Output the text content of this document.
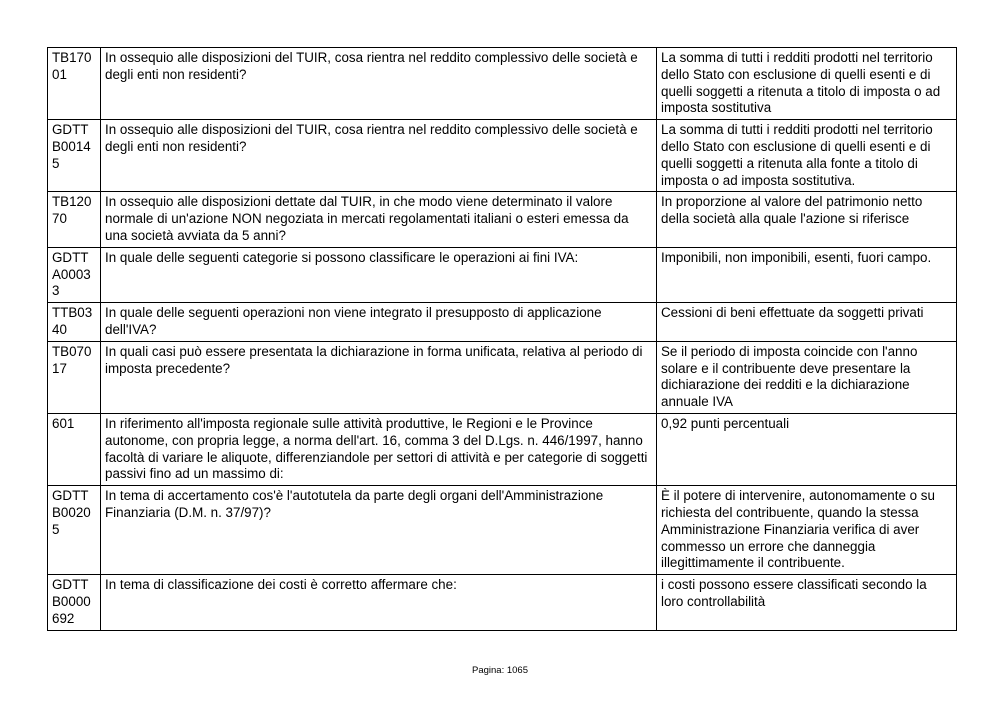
TB17001	In ossequio alle disposizioni del TUIR, cosa rientra nel reddito complessivo delle società e degli enti non residenti?	La somma di tutti i redditi prodotti nel territorio dello Stato con esclusione di quelli esenti e di quelli soggetti a ritenuta a titolo di imposta o ad imposta sostitutiva
GDTTB00145	In ossequio alle disposizioni del TUIR, cosa rientra nel reddito complessivo delle società e degli enti non residenti?	La somma di tutti i redditi prodotti nel territorio dello Stato con esclusione di quelli esenti e di quelli soggetti a ritenuta alla fonte a titolo di imposta o ad imposta sostitutiva.
TB12070	In ossequio alle disposizioni dettate dal TUIR, in che modo viene determinato il valore normale di un'azione NON negoziata in mercati regolamentati italiani o esteri emessa da una società avviata da 5 anni?	In proporzione al valore del patrimonio netto della società alla quale l'azione si riferisce
GDTTA00033	In quale delle seguenti categorie si possono classificare le operazioni ai fini IVA:	Imponibili, non imponibili, esenti, fuori campo.
TTB0340	In quale delle seguenti operazioni non viene integrato il presupposto di applicazione dell'IVA?	Cessioni di beni effettuate da soggetti privati
TB07017	In quali casi può essere presentata la dichiarazione in forma unificata, relativa al periodo di imposta precedente?	Se il periodo di imposta coincide con l'anno solare e il contribuente deve presentare la dichiarazione dei redditi e la dichiarazione annuale IVA
601	In riferimento all'imposta regionale sulle attività produttive, le Regioni e le Province autonome, con propria legge, a norma dell'art. 16, comma 3 del D.Lgs. n. 446/1997, hanno facoltà di variare le aliquote, differenziandole per settori di attività e per categorie di soggetti passivi fino ad un massimo di:	0,92 punti percentuali
GDTTB00205	In tema di accertamento cos'è l'autotutela da parte degli organi dell'Amministrazione Finanziaria (D.M. n. 37/97)?	È il potere di intervenire, autonomamente o su richiesta del contribuente, quando la stessa Amministrazione Finanziaria verifica di aver commesso un errore che danneggia illegittimamente il contribuente.
GDTTB0000692	In tema di classificazione dei costi è corretto affermare che:	i costi possono essere classificati secondo la loro controllabilità
Pagina: 1065
